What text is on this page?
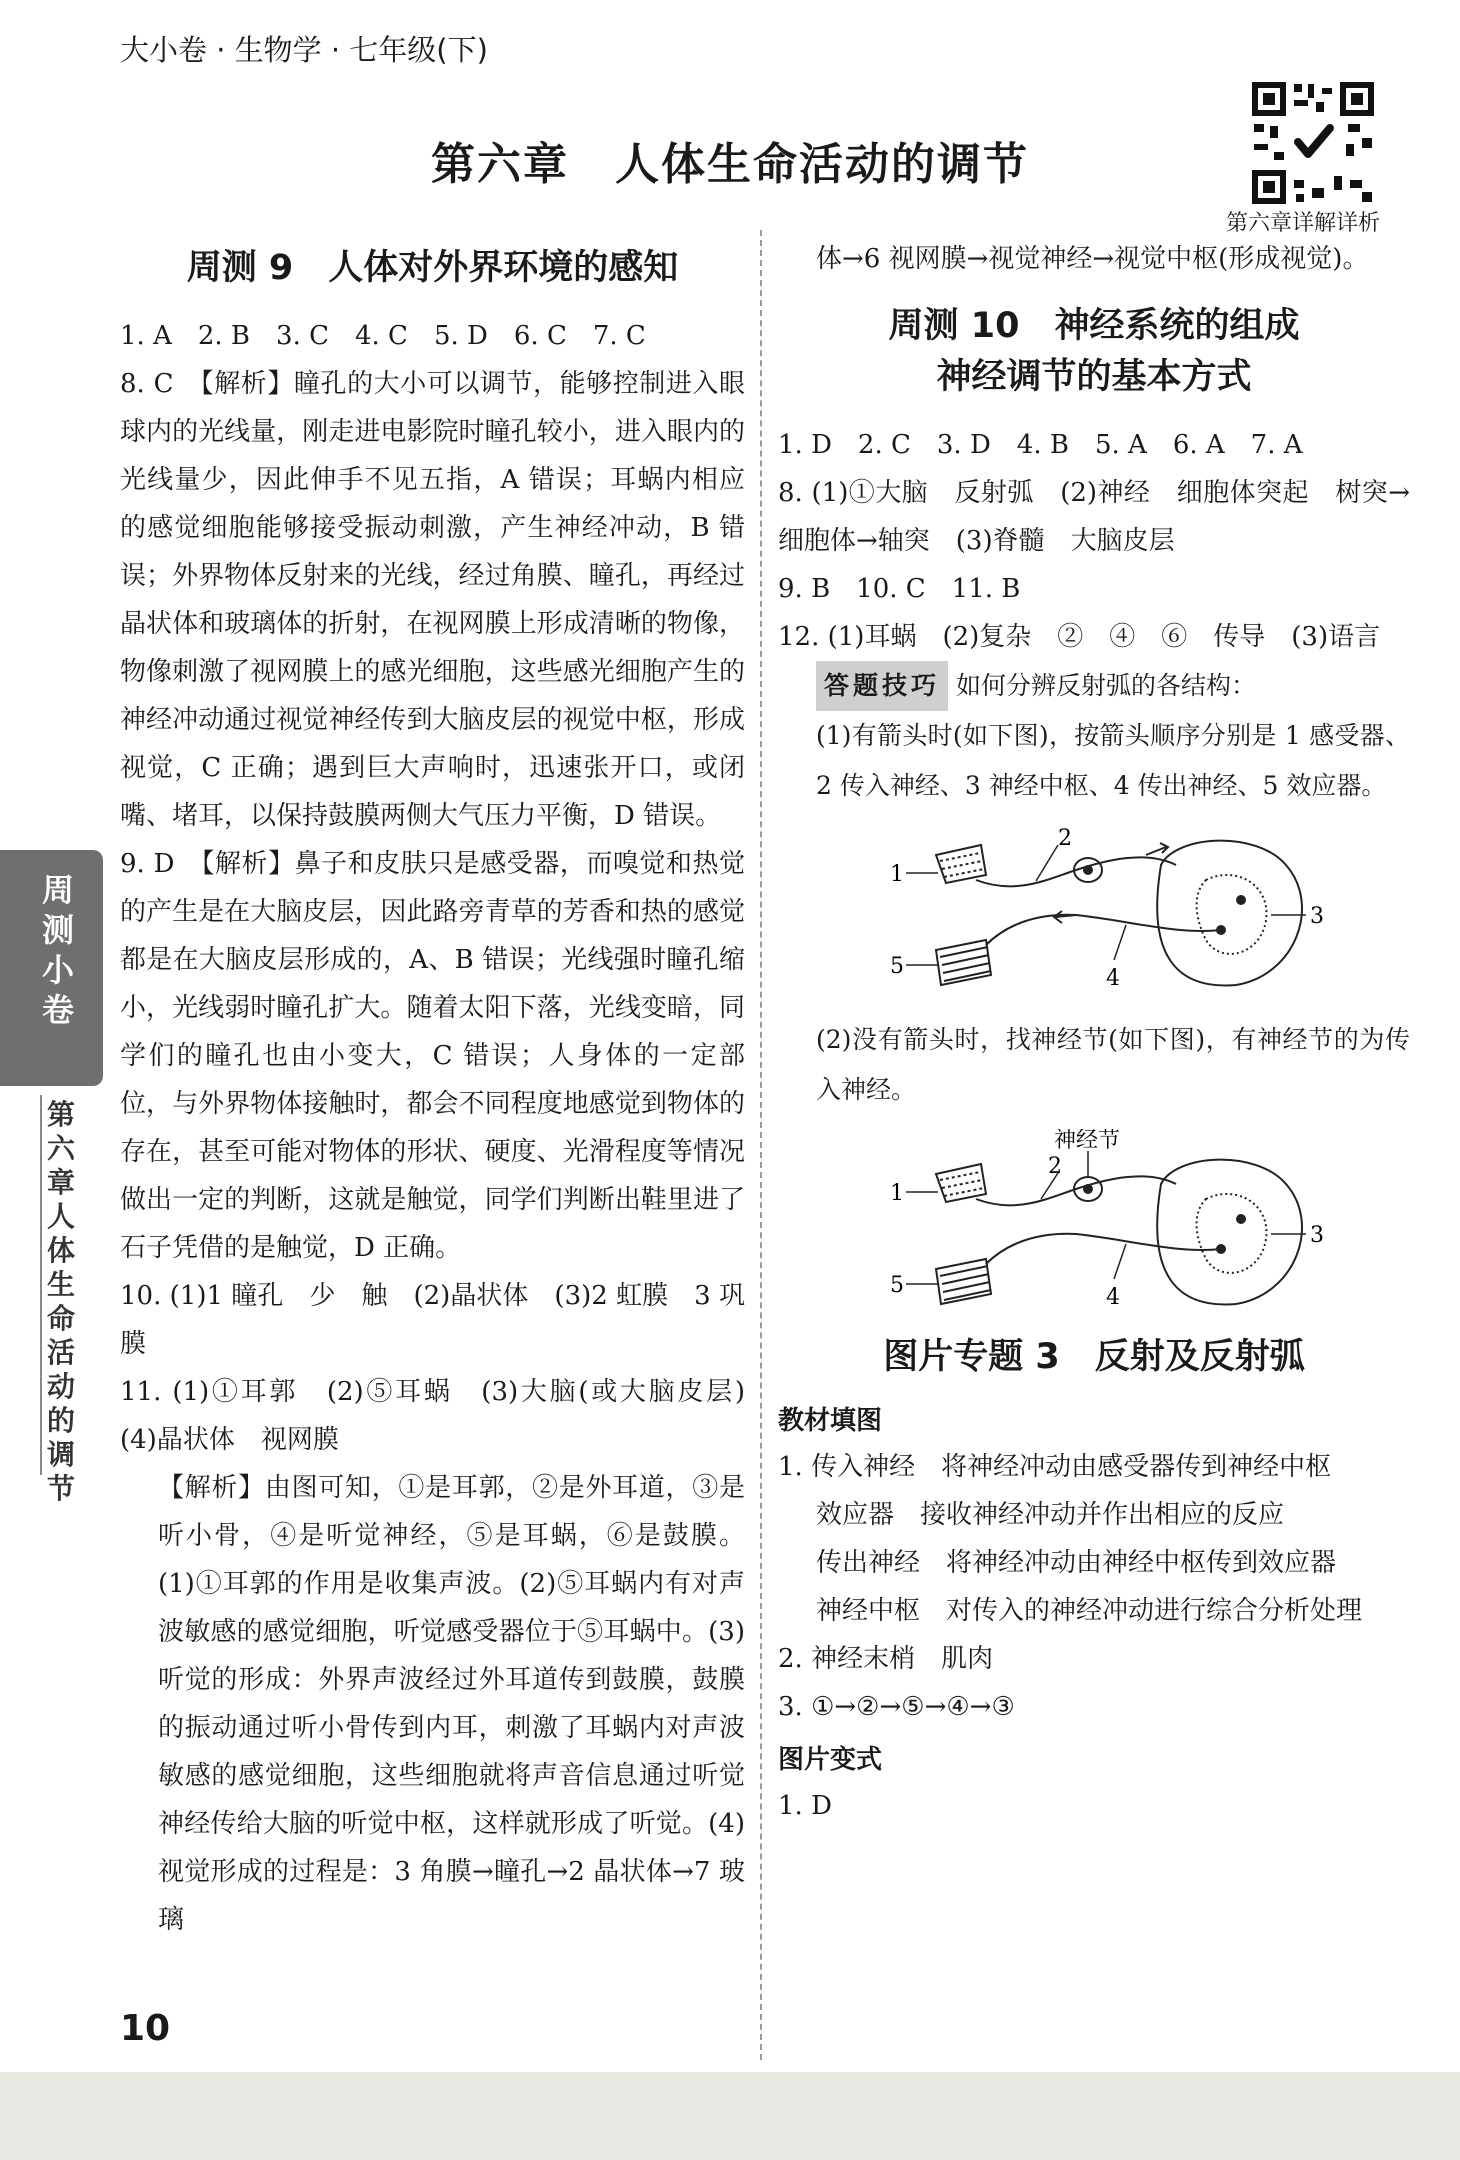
大小卷 · 生物学 · 七年级(下)
第六章　人体生命活动的调节
第六章详解详析
周测小卷
第六章　人体生命活动的调节
周测 9　人体对外界环境的感知

1. A　2. B　3. C　4. C　5. D　6. C　7. C

8. C　【解析】瞳孔的大小可以调节，能够控制进入眼球内的光线量，刚走进电影院时瞳孔较小，进入眼内的光线量少，因此伸手不见五指，A 错误；耳蜗内相应的感觉细胞能够接受振动刺激，产生神经冲动，B 错误；外界物体反射来的光线，经过角膜、瞳孔，再经过晶状体和玻璃体的折射，在视网膜上形成清晰的物像，物像刺激了视网膜上的感光细胞，这些感光细胞产生的神经冲动通过视觉神经传到大脑皮层的视觉中枢，形成视觉，C 正确；遇到巨大声响时，迅速张开口，或闭嘴、堵耳，以保持鼓膜两侧大气压力平衡，D 错误。

9. D　【解析】鼻子和皮肤只是感受器，而嗅觉和热觉的产生是在大脑皮层，因此路旁青草的芳香和热的感觉都是在大脑皮层形成的，A、B 错误；光线强时瞳孔缩小，光线弱时瞳孔扩大。随着太阳下落，光线变暗，同学们的瞳孔也由小变大，C 错误；人身体的一定部位，与外界物体接触时，都会不同程度地感觉到物体的存在，甚至可能对物体的形状、硬度、光滑程度等情况做出一定的判断，这就是触觉，同学们判断出鞋里进了石子凭借的是触觉，D 正确。

10. (1)1 瞳孔　少　触　(2)晶状体　(3)2 虹膜　3 巩膜

11. (1)①耳郭　(2)⑤耳蜗　(3)大脑(或大脑皮层)　(4)晶状体　视网膜

【解析】由图可知，①是耳郭，②是外耳道，③是听小骨，④是听觉神经，⑤是耳蜗，⑥是鼓膜。(1)①耳郭的作用是收集声波。(2)⑤耳蜗内有对声波敏感的感觉细胞，听觉感受器位于⑤耳蜗中。(3)听觉的形成：外界声波经过外耳道传到鼓膜，鼓膜的振动通过听小骨传到内耳，刺激了耳蜗内对声波敏感的感觉细胞，这些细胞就将声音信息通过听觉神经传给大脑的听觉中枢，这样就形成了听觉。(4)视觉形成的过程是：3 角膜→瞳孔→2 晶状体→7 玻璃

体→6 视网膜→视觉神经→视觉中枢(形成视觉)。

周测 10　神经系统的组成
神经调节的基本方式

1. D　2. C　3. D　4. B　5. A　6. A　7. A

8. (1)①大脑　反射弧　(2)神经　细胞体突起　树突→细胞体→轴突　(3)脊髓　大脑皮层

9. B　10. C　11. B

12. (1)耳蜗　(2)复杂　②　④　⑥　传导　(3)语言

答题技巧 如何分辨反射弧的各结构：

(1)有箭头时(如下图)，按箭头顺序分别是 1 感受器、2 传入神经、3 神经中枢、4 传出神经、5 效应器。

1
2
3
4
5

(2)没有箭头时，找神经节(如下图)，有神经节的为传入神经。

神经节
1
2
3
4
5
图片专题 3　反射及反射弧
教材填图

1. 传入神经　将神经冲动由感受器传到神经中枢

效应器　接收神经冲动并作出相应的反应

传出神经　将神经冲动由神经中枢传到效应器

神经中枢　对传入的神经冲动进行综合分析处理

2. 神经末梢　肌肉

3. ①→②→⑤→④→③

图片变式

1. D

10
